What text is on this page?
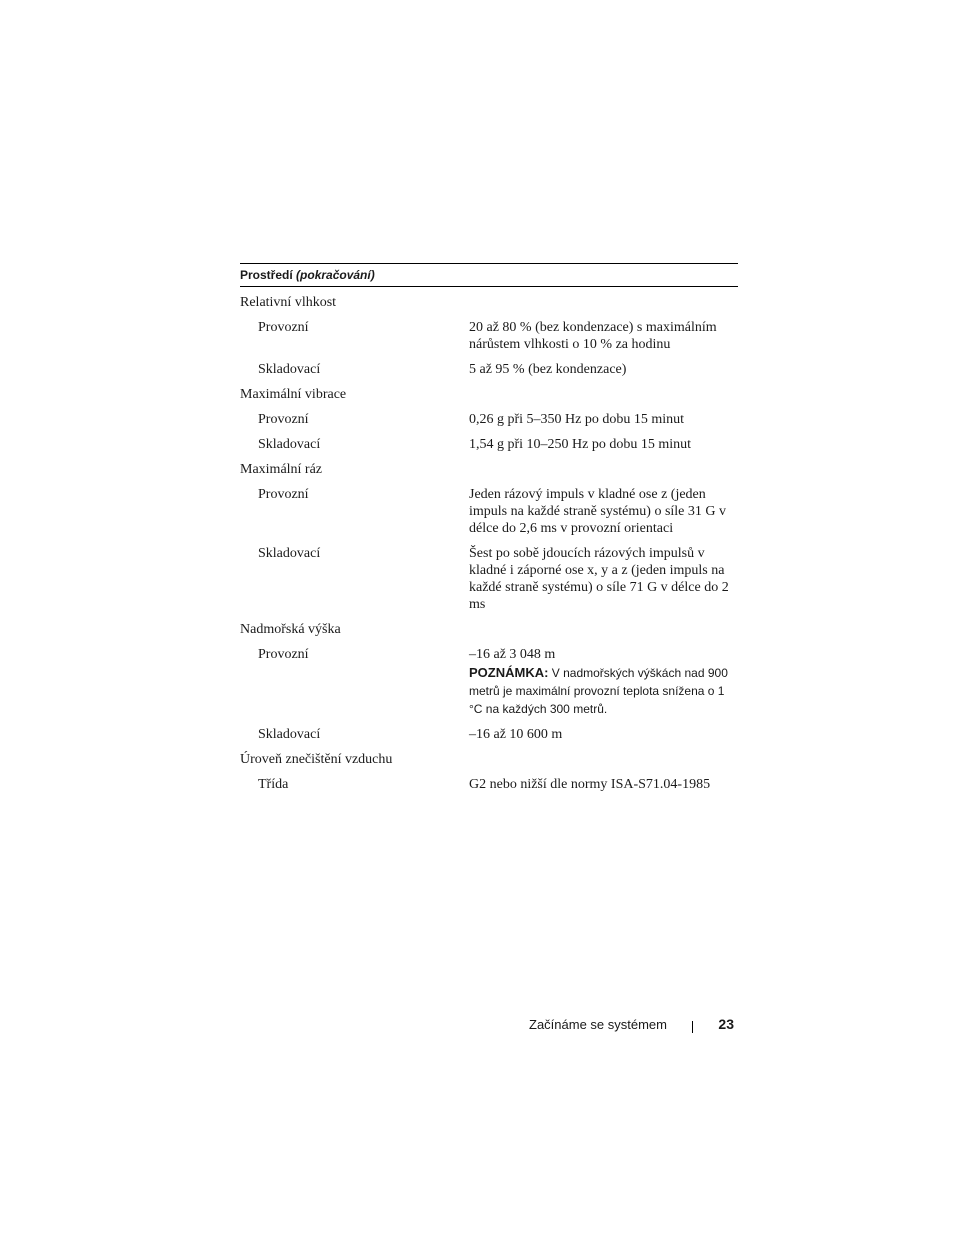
Prostředí (pokračování)
Relativní vlhkost
Provozní	20 až 80 % (bez kondenzace) s maximálním nárůstem vlhkosti o 10 % za hodinu
Skladovací	5 až 95 % (bez kondenzace)
Maximální vibrace
Provozní	0,26 g při 5–350 Hz po dobu 15 minut
Skladovací	1,54 g při 10–250 Hz po dobu 15 minut
Maximální ráz
Provozní	Jeden rázový impuls v kladné ose z (jeden impuls na každé straně systému) o síle 31 G v délce do 2,6 ms v provozní orientaci
Skladovací	Šest po sobě jdoucích rázových impulsů v kladné i záporné ose x, y a z (jeden impuls na každé straně systému) o síle 71 G v délce do 2 ms
Nadmořská výška
Provozní	–16 až 3 048 m
POZNÁMKA: V nadmořských výškách nad 900 metrů je maximální provozní teplota snížena o 1 °C na každých 300 metrů.
Skladovací	–16 až 10 600 m
Úroveň znečištění vzduchu
Třída	G2 nebo nižší dle normy ISA-S71.04-1985
Začínáme se systémem	23
